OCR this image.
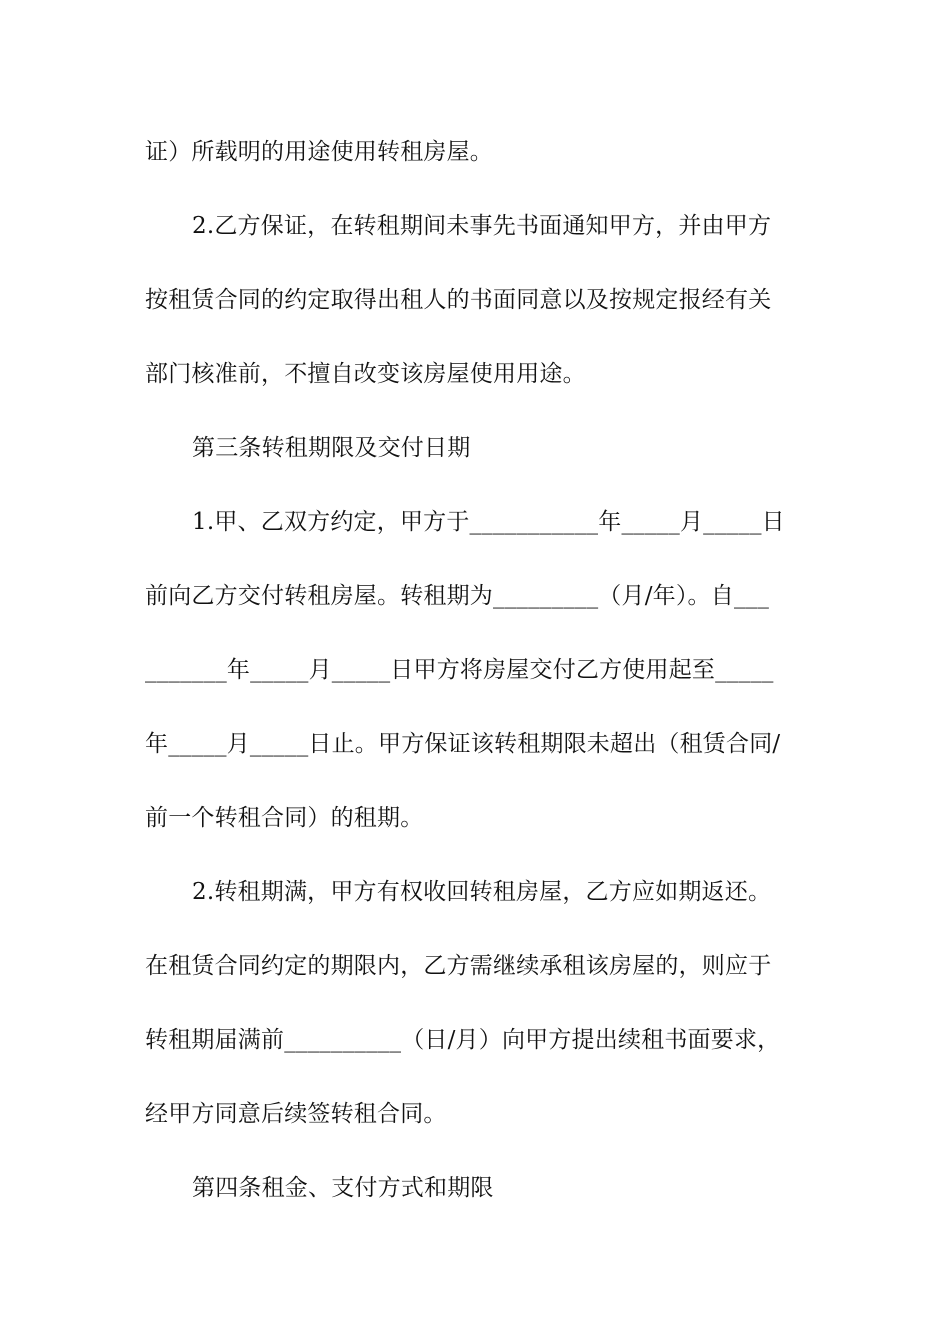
证）所载明的用途使用转租房屋。
2.乙方保证，在转租期间未事先书面通知甲方，并由甲方
按租赁合同的约定取得出租人的书面同意以及按规定报经有关
部门核准前，不擅自改变该房屋使用用途。
第三条转租期限及交付日期
1.甲、乙双方约定，甲方于___________年_____月_____日
前向乙方交付转租房屋。转租期为_________（月/年）。自___
_______年_____月_____日甲方将房屋交付乙方使用起至_____
年_____月_____日止。甲方保证该转租期限未超出（租赁合同/
前一个转租合同）的租期。
2.转租期满，甲方有权收回转租房屋，乙方应如期返还。
在租赁合同约定的期限内，乙方需继续承租该房屋的，则应于
转租期届满前__________（日/月）向甲方提出续租书面要求，
经甲方同意后续签转租合同。
第四条租金、支付方式和期限
